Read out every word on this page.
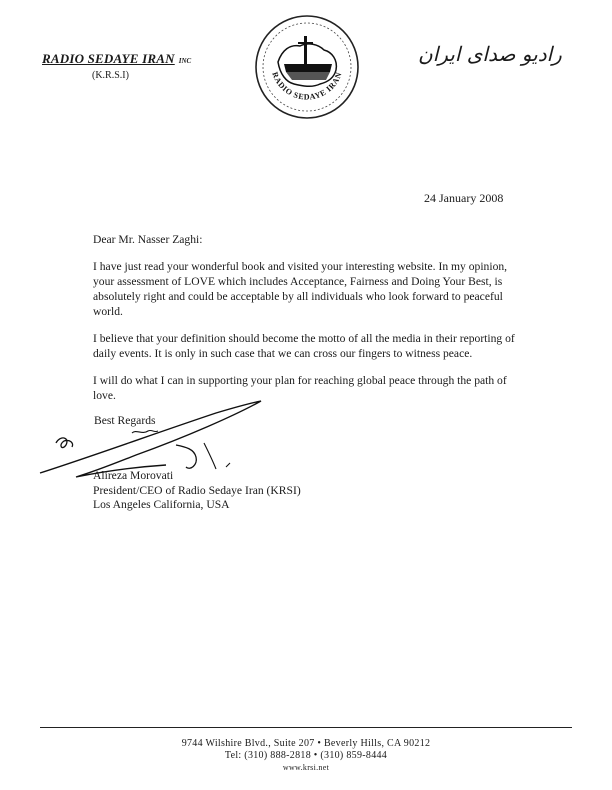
RADIO SEDAYE IRAN INC
(K.R.S.I)	RADIO SEDAYE IRAN
رادیو صدای ایران
24 January 2008

Dear Mr. Nasser Zaghi:

I have just read your wonderful book and visited your interesting website. In my opinion, your assessment of LOVE which includes Acceptance, Fairness and Doing Your Best, is absolutely right and could be acceptable by all individuals who look forward to peaceful world.

I believe that your definition should become the motto of all the media in their reporting of daily events. It is only in such case that we can cross our fingers to witness peace.

I will do what I can in supporting your plan for reaching global peace through the path of love.

Best Regards
Alireza Morovati
President/CEO of Radio Sedaye Iran (KRSI)
Los Angeles California, USA
9744 Wilshire Blvd., Suite 207 • Beverly Hills, CA 90212
Tel: (310) 888-2818 • (310) 859-8444
www.krsi.net
